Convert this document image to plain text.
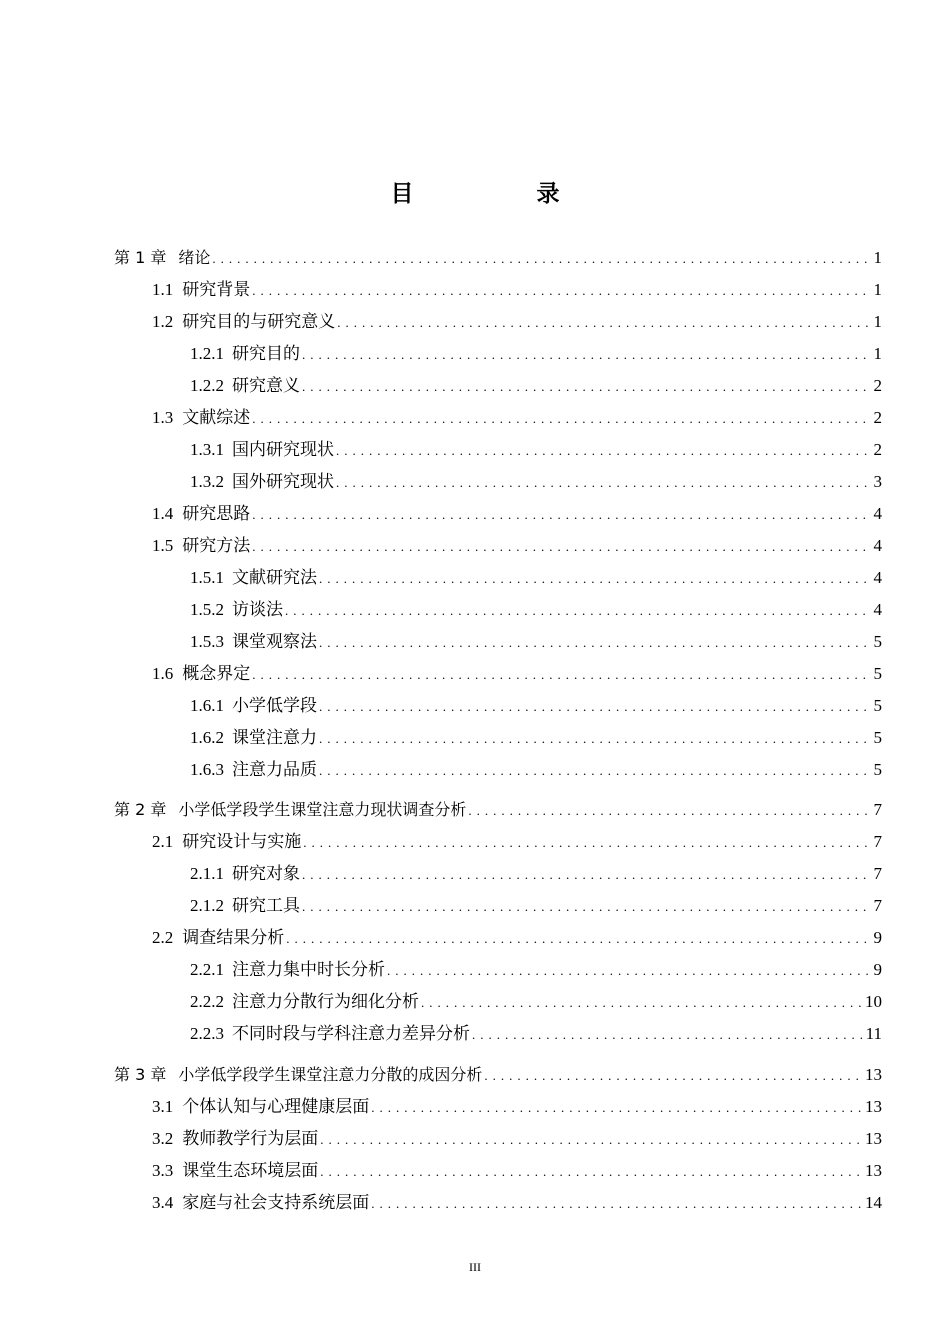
目　录
第 1 章 绪论 .....	1
1.1 研究背景 .....	1
1.2 研究目的与研究意义 .....	1
1.2.1 研究目的 .....	1
1.2.2 研究意义 .....	2
1.3 文献综述 .....	2
1.3.1 国内研究现状 .....	2
1.3.2 国外研究现状 .....	3
1.4 研究思路 .....	4
1.5 研究方法 .....	4
1.5.1 文献研究法 .....	4
1.5.2 访谈法 .....	4
1.5.3 课堂观察法 .....	5
1.6 概念界定 .....	5
1.6.1 小学低学段 .....	5
1.6.2 课堂注意力 .....	5
1.6.3 注意力品质 .....	5
第 2 章 小学低学段学生课堂注意力现状调查分析 .....	7
2.1 研究设计与实施 .....	7
2.1.1 研究对象 .....	7
2.1.2 研究工具 .....	7
2.2 调查结果分析 .....	9
2.2.1 注意力集中时长分析 .....	9
2.2.2 注意力分散行为细化分析 .....	10
2.2.3 不同时段与学科注意力差异分析 .....	11
第 3 章 小学低学段学生课堂注意力分散的成因分析 .....	13
3.1 个体认知与心理健康层面 .....	13
3.2 教师教学行为层面 .....	13
3.3 课堂生态环境层面 .....	13
3.4 家庭与社会支持系统层面 .....	14
III
